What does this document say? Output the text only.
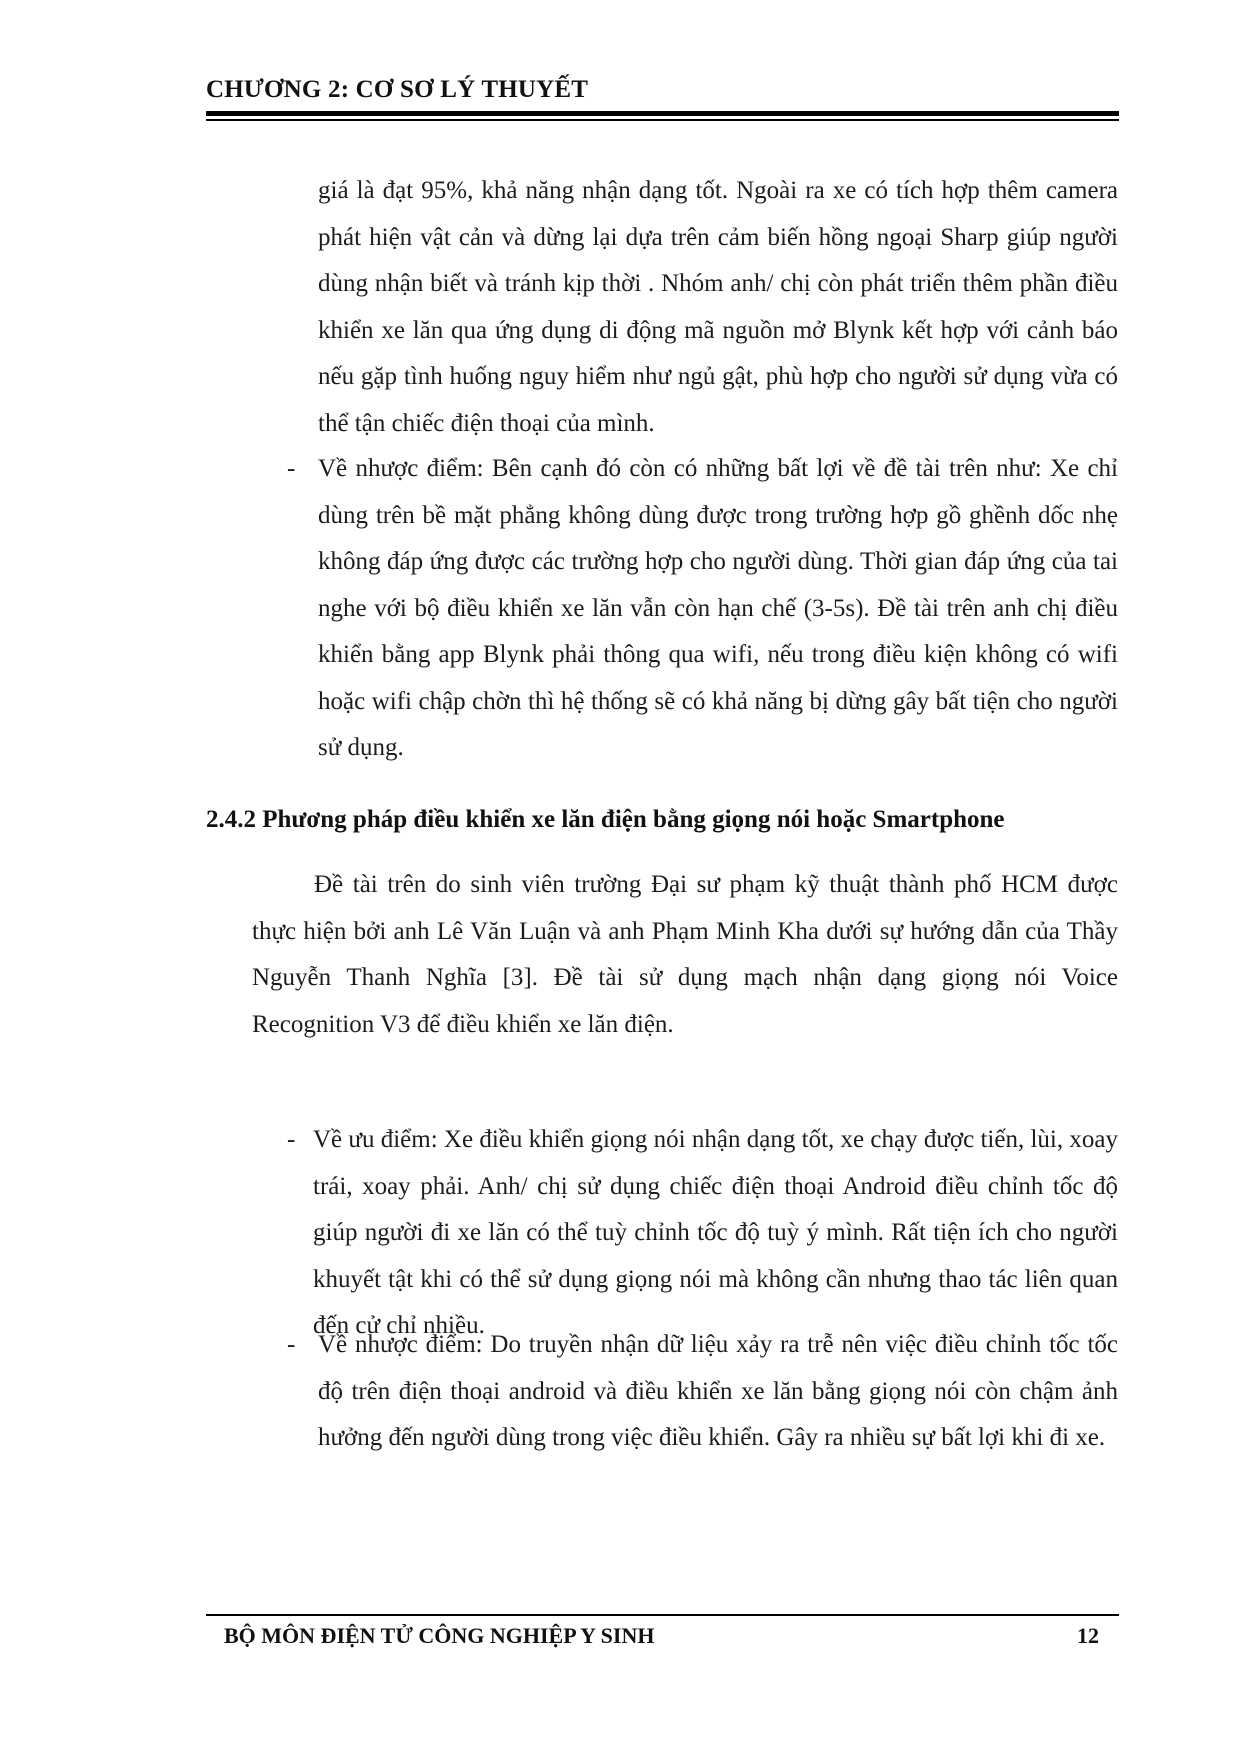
CHƯƠNG 2: CƠ SƠ LÝ THUYẾT

giá là đạt 95%, khả năng nhận dạng tốt. Ngoài ra xe có tích hợp thêm camera phát hiện vật cản và dừng lại dựa trên cảm biến hồng ngoại Sharp giúp người dùng nhận biết và tránh kịp thời . Nhóm anh/ chị còn phát triển thêm phần điều khiển xe lăn qua ứng dụng di động mã nguồn mở Blynk kết hợp với cảnh báo nếu gặp tình huống nguy hiểm như ngủ gật, phù hợp cho người sử dụng vừa có thể tận chiếc điện thoại của mình.

- Về nhược điểm: Bên cạnh đó còn có những bất lợi về đề tài trên như: Xe chỉ dùng trên bề mặt phẳng không dùng được trong trường hợp gồ ghềnh dốc nhẹ không đáp ứng được các trường hợp cho người dùng. Thời gian đáp ứng của tai nghe với bộ điều khiển xe lăn vẫn còn hạn chế (3-5s). Đề tài trên anh chị điều khiển bằng app Blynk phải thông qua wifi, nếu trong điều kiện không có wifi hoặc wifi chập chờn thì hệ thống sẽ có khả năng bị dừng gây bất tiện cho người sử dụng.

2.4.2 Phương pháp điều khiển xe lăn điện bằng giọng nói hoặc Smartphone

Đề tài trên do sinh viên trường Đại sư phạm kỹ thuật thành phố HCM được thực hiện bởi anh Lê Văn Luận và anh Phạm Minh Kha dưới sự hướng dẫn của Thầy Nguyễn Thanh Nghĩa [3]. Đề tài sử dụng mạch nhận dạng giọng nói Voice Recognition V3 để điều khiển xe lăn điện.

- Về ưu điểm: Xe điều khiển giọng nói nhận dạng tốt, xe chạy được tiến, lùi, xoay trái, xoay phải. Anh/ chị sử dụng chiếc điện thoại Android điều chỉnh tốc độ giúp người đi xe lăn có thể tuỳ chỉnh tốc độ tuỳ ý mình. Rất tiện ích cho người khuyết tật khi có thể sử dụng giọng nói mà không cần nhưng thao tác liên quan đến cử chỉ nhiều.

- Về nhược điểm: Do truyền nhận dữ liệu xảy ra trễ nên việc điều chỉnh tốc tốc độ trên điện thoại android và điều khiển xe lăn bằng giọng nói còn chậm ảnh hưởng đến người dùng trong việc điều khiển. Gây ra nhiều sự bất lợi khi đi xe.

BỘ MÔN ĐIỆN TỬ CÔNG NGHIỆP Y SINH	12
